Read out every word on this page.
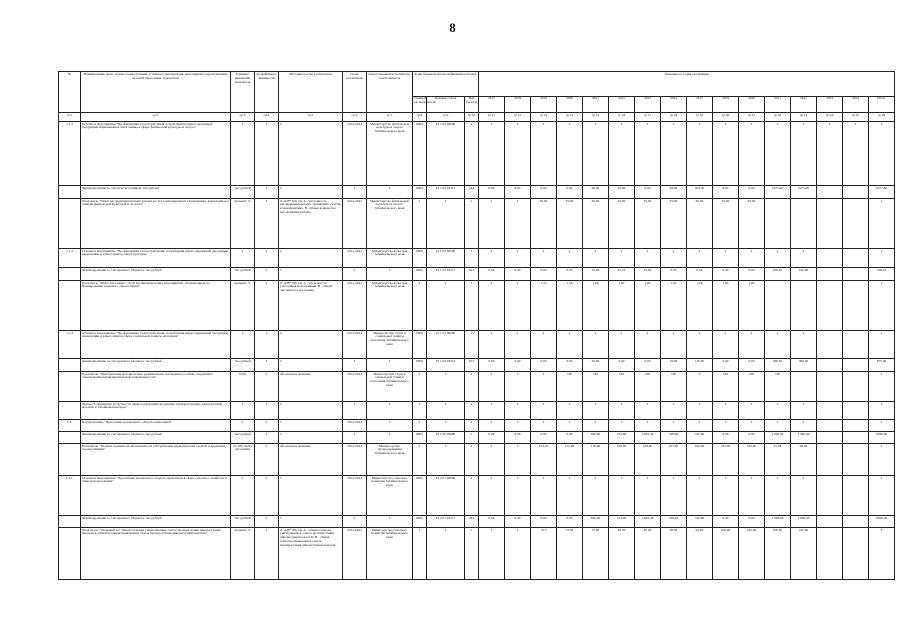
8
№	Наименование цели, задачи, подпрограммы, основного мероприятия, мероприятия, ведомственной целевой программы, показателя	Единица измерения показателя	Коэффициент значимости	Методика расчета показателя	Сроки реализации	Ответственный исполнитель, соисполнитель	Коды бюджетной классификации расходов			Значения по годам реализации															
							Главный распорядитель	Целевая статья	Вид расхода	2017	2018	2019	2020	2021	2022	2023	2024	2017	2019	2020	2021	2022	2023	2024	Итого
гр.1	гр.2	гр.3	гр.4	гр.5	гр.6	гр.7	гр.8	гр.9	гр.10	гр.11	гр.12	гр.13	гр.14	гр.15	гр.16	гр.17	гр.18	гр.19	гр.20	гр.21	гр.22	гр.23	гр.24	гр.25	гр.26
1.1.2	Основное мероприятие "Профилактика злоупотребления потреблением наркосодержащей продукции, наркомании и алкоголизма в сфере физической культуры и спорта"	х	х	х	2014-2024	Министерство физической культуры и спорта Забайкальского края	0909	23 1 02 00000	х	х	х	х	х	х	х	х	х	х	х	х	х	х	х	х	х
	финансирование за счет всех источников, тыс.рублей	тыс.рублей	х	х	х	х	0909	23 1 02 03212	244	0,00	0,00	0,00	0,00	99,00	46,00	0,00	49,00	263,00	0,00	0,00	1975,00	1975,00			8477,60
	Показатель "Охват несовершеннолетних детьми досуга в материальных учреждениях, вовлеченных в занятия физической культурой и спортом"	процент, %	х	Z=A/B*100, где A - численность несовершеннолетних, принявших участие в мероприятиях, B - общее количество несовершеннолетних	2014-2024	Министерство физической культуры и спорта Забайкальского края	х	х	х	х	х	30,00	35,00	50,00	62,00	55,00	55,00	65,00	65,00	65,00					х
1.1.3	Основное мероприятие "Профилактика злоупотребления, потребления наркосодержащей продукции, наркомании и алкоголизма в сфере культуры"	х	х	х	2014-2024	Министерство культуры Забайкальского края	0909	23 1 03 00000	х	х	х	х	х	х	х	х	х	х	х	х	х	х			х
	финансирование за счет краевого бюджета, тыс.рублей	тыс.рублей	х	х	х	х	0909	23 1 03 03212	612	0,00	0,00	0,00	0,00	23,00	97,10	22,00	0,00	0,00	0,00	0,00	100,00	100,00			336,10
	Показатель "Охват населения " Доля профилактических мероприятий, направленных на формирование здорового образа жизни"	процент, %	х	Z=A/B*100, где A - численность участников мероприятий, B - общая численность населения	2014-2024	Министерство культуры Забайкальского края	х	х	х	х	х	1,50	1,58	1,60	1,62	1,64	1,64	1,64	1,64	1,64					х
1.1.4	Основное мероприятие "Профилактика злоупотребления, потребления наркосодержащей продукции, наркомании и алкоголизма в сфере социальной защиты населения"	х	х	х	2014-2024	Министерство труда и социальной защиты населения Забайкальского края	0909	23 1 04 00000	х	х	х	х	х	х	х	х	х	х	х	х	х	х			х
	финансирование за счет краевого бюджета, тыс.рублей	тыс.рублей	х	х	х	х	0909	23 1 04 03212	612	0,00	0,00	0,00	0,00	20,00	0,00	0,00	16,00	110,00	0,00	0,00	366,50	366,50			875,00
	Показатель "Приобретение методических, развивающих, наглядных пособий, спортивного оборудования антинаркотической направленности"	штук	х	абсолютное значение	2014-2024	Министерство труда и социальной защиты населения Забайкальского края	х	х	х	х	х	х	100	100	100	100	100	0	100	100	100				х
	Задача "Сокращение доступности наркосодержащей продукции, произрастающих дикорастущей конопли в Забайкальском крае"	х	х	х	х	х	х	х	х	х	х	х	х	х	х	х	х	х	х	х	х	х			х
1.2.	Подпрограмма "Пресечение незаконного оборота наркотиков"	х	х	х	2014-2024	х	х	х	х	х	х	х	х	х	х	х	х	х	х	х	х	х			х
	финансирование за счет краевого бюджета, тыс.рублей	тыс.рублей	х	х	х	х	0909	23 2 00 00000	х	0,00	0,00	0,00	0,00	630,00	274,90	2 810,40	528,00	310,00	0,00	0,00	1 000,00	1 000,00			6599,30
	Показатель "Уровень первичной заболеваемости употребления наркотических средств и вредными последствиями"	на 100 тысяч населения	х	абсолютное значение	2014-2024	Министерство здравоохранения Забайкальского края	х	х	х	х	х	123,10	112,40	116,00	109,00	108,00	107,00	106,00	105,00	100,00	97,00	90,00			х
1.2.1.	Основное мероприятие "Пресечение незаконного оборота наркотиков в сфере сельского хозяйства и природопользования"	х	х	х	2014-2024	Министерство сельского хозяйства Забайкальского края	0909	23 2 01 00000	х	х	х	х	х	х	х	х	х	х	х	х	х	х			х
	финансирование за счет краевого бюджета, тыс.рублей	тыс.рублей	х	х	х	х	0909	23 2 01 03212	244	0,00	0,00	0,00	0,00	630,00	274,90	2 810,40	528,00	310,00	0,00	0,00	1 000,00	1 000,00			6599,30
	Показатель "Удельный вес общей площади уничтоженных очагов произрастания дикорастущей конопли к общей площади выявленных очагов произрастания дикорастущей конопли"	процент, %	х	Z=A/B*100, где A - общая площадь уничтоженных очагов произрастания дикорастущей конопли, B - общая площадь выявленных очагов произрастания дикорастущей конопли	2014-2024	Министерство сельского хозяйства Забайкальского края	х	х	х	х	х	72,5	75,00	75,00	80,00	85,00	90,00	95,00	100,00	100,00	100,00	100,00			х
